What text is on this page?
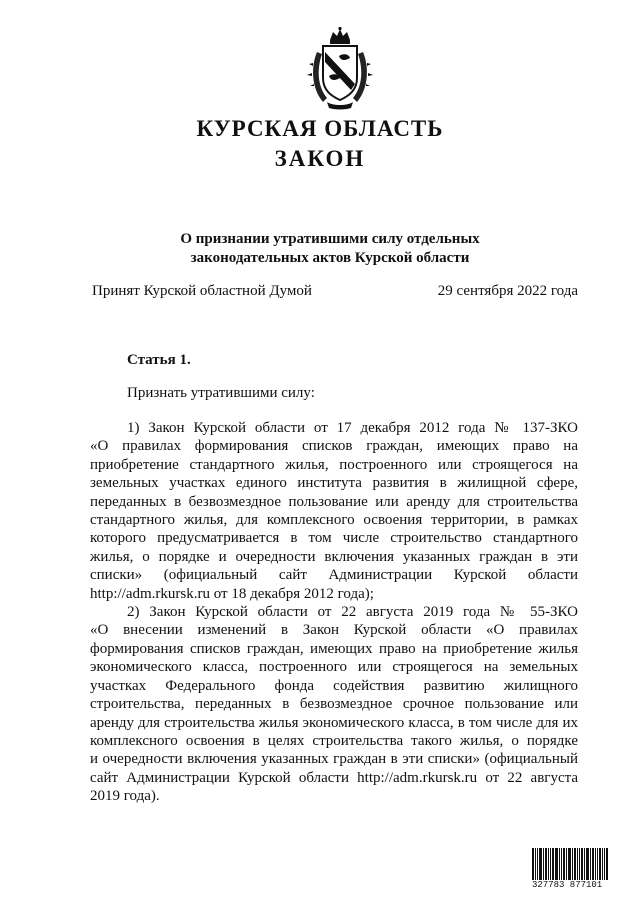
КУРСКАЯ ОБЛАСТЬ
ЗАКОН
О признании утратившими силу отдельных
законодательных актов Курской области
Принят Курской областной Думой	29 сентября 2022 года
Статья 1.
Признать утратившими силу:
1) Закон Курской области от 17 декабря 2012 года № 137-ЗКО
«О правилах формирования списков граждан, имеющих право на
приобретение стандартного жилья, построенного или строящегося на
земельных участках единого института развития в жилищной сфере,
переданных в безвозмездное пользование или аренду для строительства
стандартного жилья, для комплексного освоения территории, в рамках
которого предусматривается в том числе строительство стандартного
жилья, о порядке и очередности включения указанных граждан в эти
списки» (официальный сайт Администрации Курской области
http://adm.rkursk.ru от 18 декабря 2012 года);
2) Закон Курской области от 22 августа 2019 года № 55-ЗКО
«О внесении изменений в Закон Курской области «О правилах
формирования списков граждан, имеющих право на приобретение жилья
экономического класса, построенного или строящегося на земельных
участках Федерального фонда содействия развитию жилищного
строительства, переданных в безвозмездное срочное пользование или
аренду для строительства жилья экономического класса, в том числе для их
комплексного освоения в целях строительства такого жилья, о порядке
и очередности включения указанных граждан в эти списки» (официальный
сайт Администрации Курской области http://adm.rkursk.ru от 22 августа
2019 года).
327783 877101
